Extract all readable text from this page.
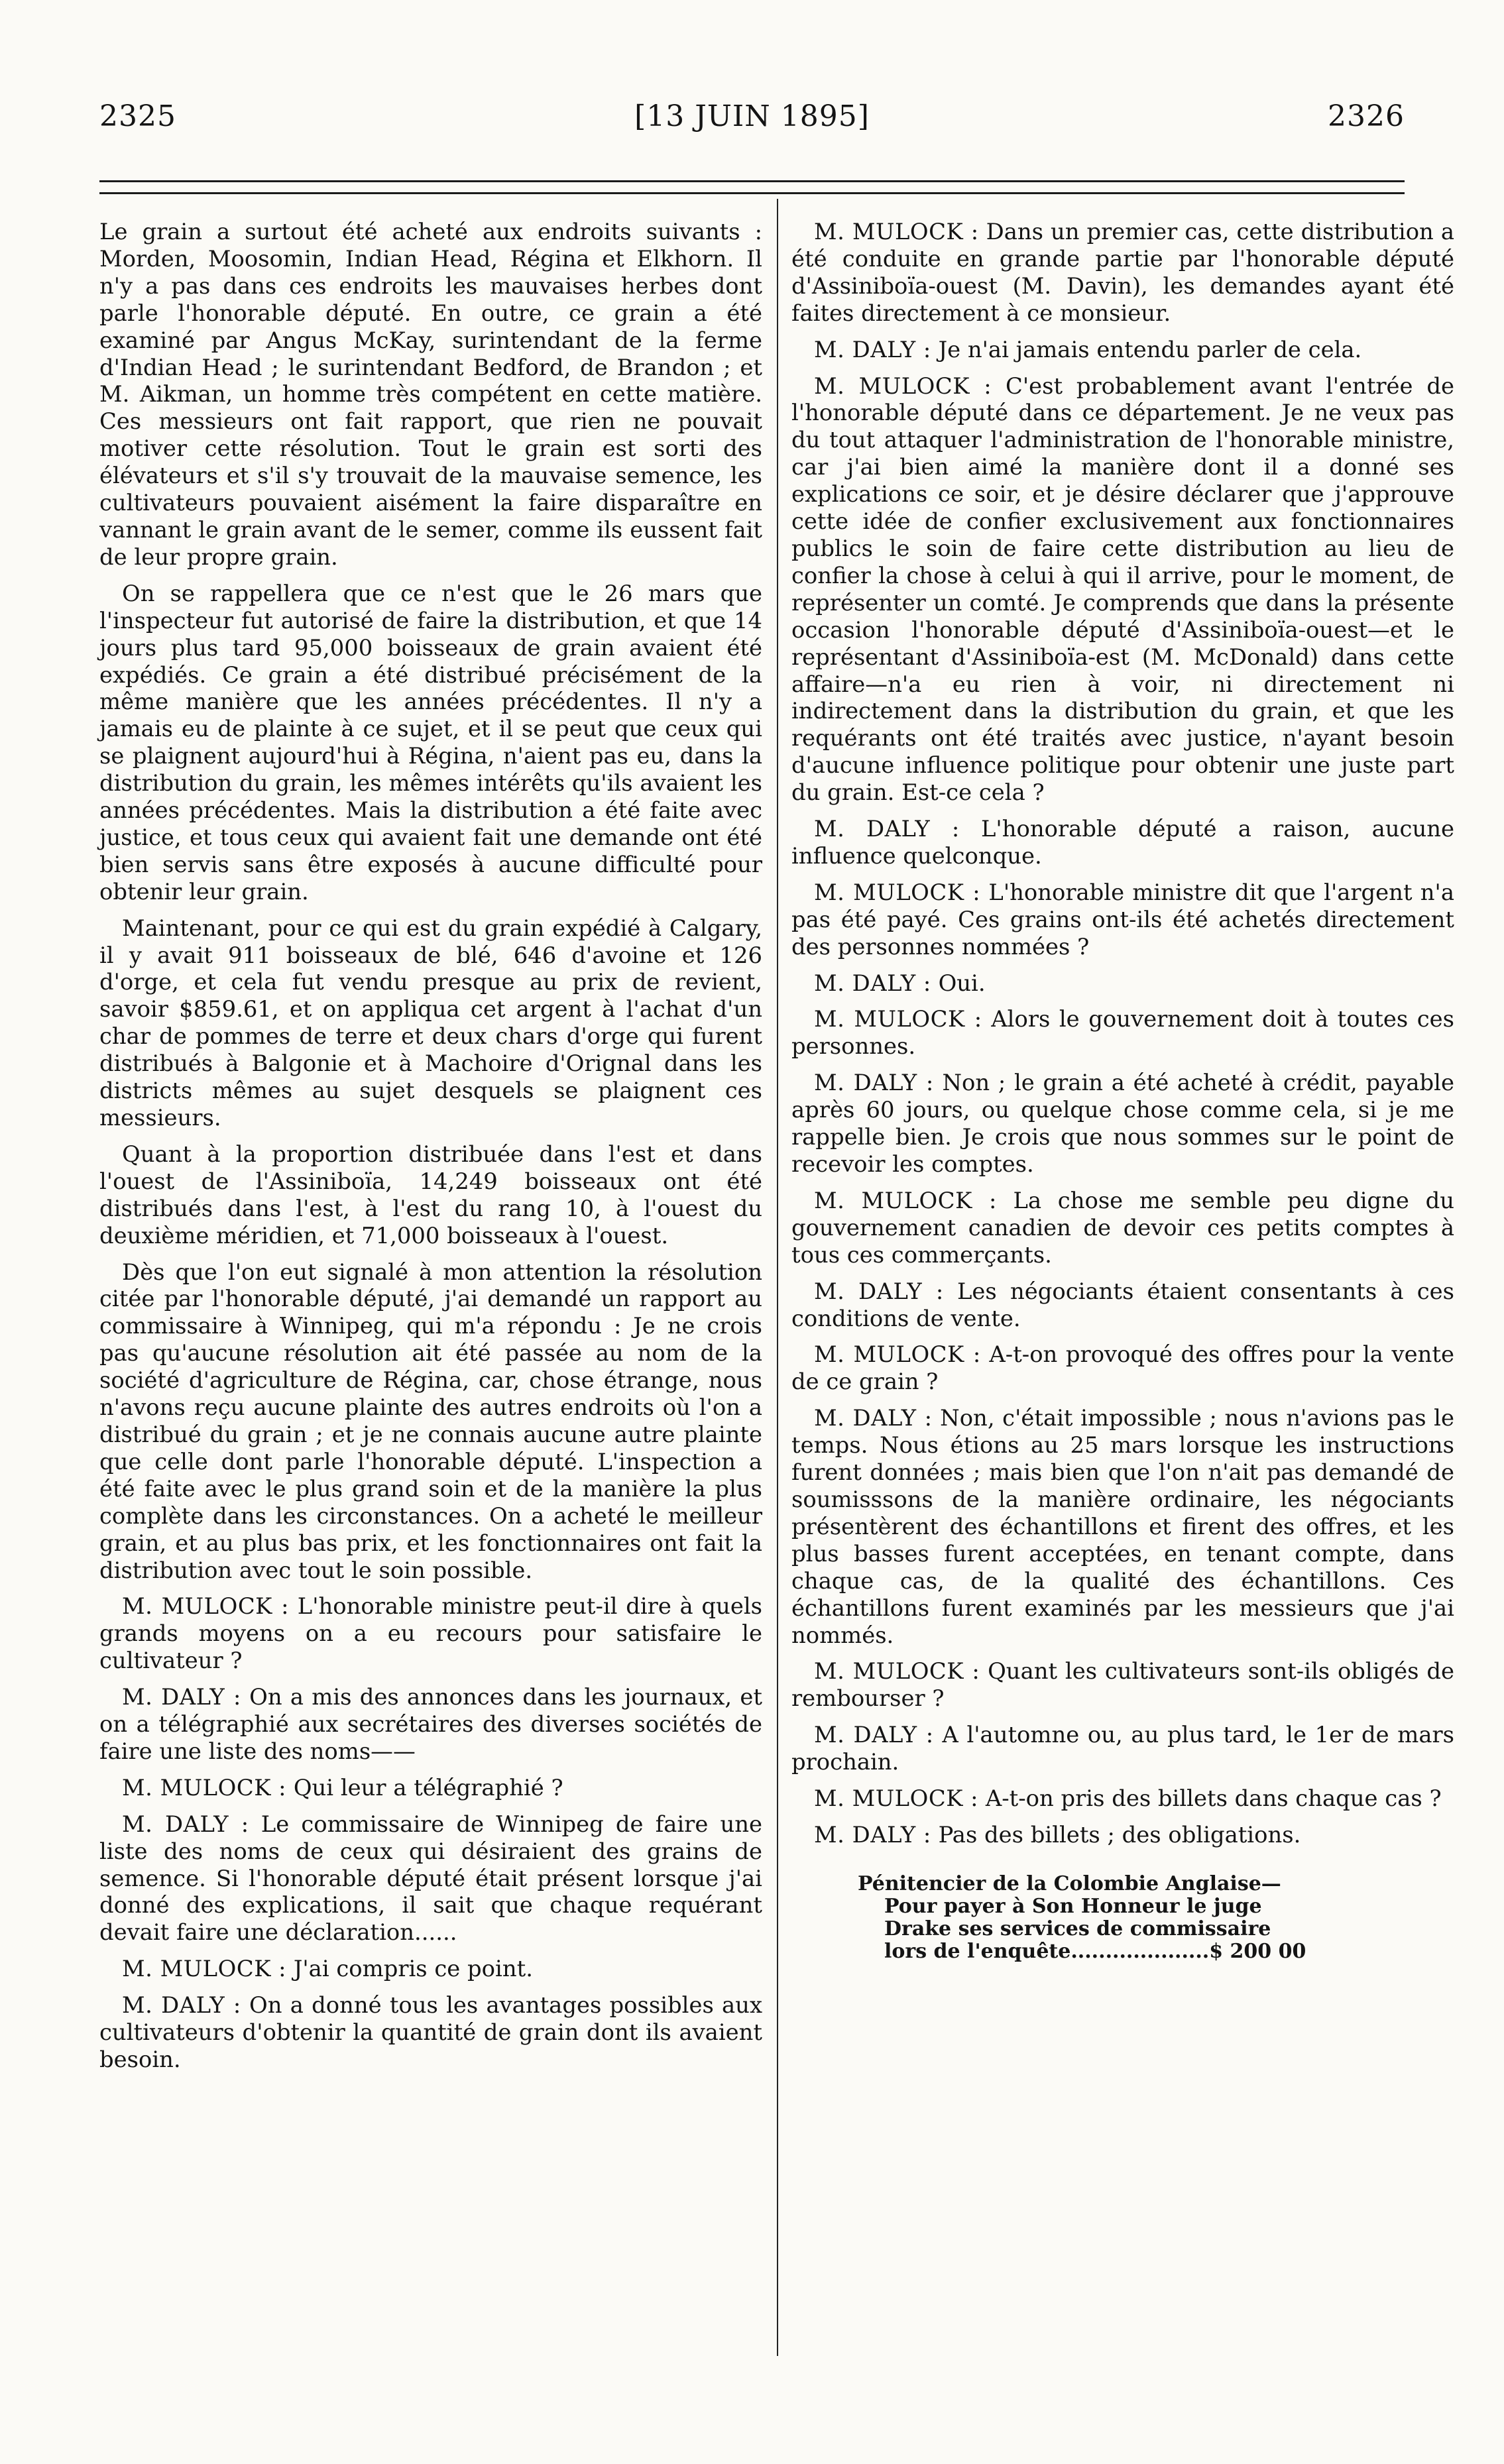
2325	[13 JUIN 1895]	2326

Le grain a surtout été acheté aux endroits suivants : Morden, Moosomin, Indian Head, Régina et Elkhorn. Il n'y a pas dans ces endroits les mauvaises herbes dont parle l'honorable député. En outre, ce grain a été examiné par Angus McKay, surintendant de la ferme d'Indian Head ; le surintendant Bedford, de Brandon ; et M. Aikman, un homme très compétent en cette matière. Ces messieurs ont fait rapport, que rien ne pouvait motiver cette résolution. Tout le grain est sorti des élévateurs et s'il s'y trouvait de la mauvaise semence, les cultivateurs pouvaient aisément la faire disparaître en vannant le grain avant de le semer, comme ils eussent fait de leur propre grain.

On se rappellera que ce n'est que le 26 mars que l'inspecteur fut autorisé de faire la distribution, et que 14 jours plus tard 95,000 boisseaux de grain avaient été expédiés. Ce grain a été distribué précisément de la même manière que les années précédentes. Il n'y a jamais eu de plainte à ce sujet, et il se peut que ceux qui se plaignent aujourd'hui à Régina, n'aient pas eu, dans la distribution du grain, les mêmes intérêts qu'ils avaient les années précédentes. Mais la distribution a été faite avec justice, et tous ceux qui avaient fait une demande ont été bien servis sans être exposés à aucune difficulté pour obtenir leur grain.

Maintenant, pour ce qui est du grain expédié à Calgary, il y avait 911 boisseaux de blé, 646 d'avoine et 126 d'orge, et cela fut vendu presque au prix de revient, savoir $859.61, et on appliqua cet argent à l'achat d'un char de pommes de terre et deux chars d'orge qui furent distribués à Balgonie et à Machoire d'Orignal dans les districts mêmes au sujet desquels se plaignent ces messieurs.

Quant à la proportion distribuée dans l'est et dans l'ouest de l'Assiniboïa, 14,249 boisseaux ont été distribués dans l'est, à l'est du rang 10, à l'ouest du deuxième méridien, et 71,000 boisseaux à l'ouest.

Dès que l'on eut signalé à mon attention la résolution citée par l'honorable député, j'ai demandé un rapport au commissaire à Winnipeg, qui m'a répondu : Je ne crois pas qu'aucune résolution ait été passée au nom de la société d'agriculture de Régina, car, chose étrange, nous n'avons reçu aucune plainte des autres endroits où l'on a distribué du grain ; et je ne connais aucune autre plainte que celle dont parle l'honorable député. L'inspection a été faite avec le plus grand soin et de la manière la plus complète dans les circonstances. On a acheté le meilleur grain, et au plus bas prix, et les fonctionnaires ont fait la distribution avec tout le soin possible.

M. MULOCK : L'honorable ministre peut-il dire à quels grands moyens on a eu recours pour satisfaire le cultivateur ?

M. DALY : On a mis des annonces dans les journaux, et on a télégraphié aux secrétaires des diverses sociétés de faire une liste des noms——

M. MULOCK : Qui leur a télégraphié ?

M. DALY : Le commissaire de Winnipeg de faire une liste des noms de ceux qui désiraient des grains de semence. Si l'honorable député était présent lorsque j'ai donné des explications, il sait que chaque requérant devait faire une déclaration......

M. MULOCK : J'ai compris ce point.

M. DALY : On a donné tous les avantages possibles aux cultivateurs d'obtenir la quantité de grain dont ils avaient besoin.

M. MULOCK : Dans un premier cas, cette distribution a été conduite en grande partie par l'honorable député d'Assiniboïa-ouest (M. Davin), les demandes ayant été faites directement à ce monsieur.

M. DALY : Je n'ai jamais entendu parler de cela.

M. MULOCK : C'est probablement avant l'entrée de l'honorable député dans ce département. Je ne veux pas du tout attaquer l'administration de l'honorable ministre, car j'ai bien aimé la manière dont il a donné ses explications ce soir, et je désire déclarer que j'approuve cette idée de confier exclusivement aux fonctionnaires publics le soin de faire cette distribution au lieu de confier la chose à celui à qui il arrive, pour le moment, de représenter un comté. Je comprends que dans la présente occasion l'honorable député d'Assiniboïa-ouest—et le représentant d'Assiniboïa-est (M. McDonald) dans cette affaire—n'a eu rien à voir, ni directement ni indirectement dans la distribution du grain, et que les requérants ont été traités avec justice, n'ayant besoin d'aucune influence politique pour obtenir une juste part du grain. Est-ce cela ?

M. DALY : L'honorable député a raison, aucune influence quelconque.

M. MULOCK : L'honorable ministre dit que l'argent n'a pas été payé. Ces grains ont-ils été achetés directement des personnes nommées ?

M. DALY : Oui.

M. MULOCK : Alors le gouvernement doit à toutes ces personnes.

M. DALY : Non ; le grain a été acheté à crédit, payable après 60 jours, ou quelque chose comme cela, si je me rappelle bien. Je crois que nous sommes sur le point de recevoir les comptes.

M. MULOCK : La chose me semble peu digne du gouvernement canadien de devoir ces petits comptes à tous ces commerçants.

M. DALY : Les négociants étaient consentants à ces conditions de vente.

M. MULOCK : A-t-on provoqué des offres pour la vente de ce grain ?

M. DALY : Non, c'était impossible ; nous n'avions pas le temps. Nous étions au 25 mars lorsque les instructions furent données ; mais bien que l'on n'ait pas demandé de soumisssons de la manière ordinaire, les négociants présentèrent des échantillons et firent des offres, et les plus basses furent acceptées, en tenant compte, dans chaque cas, de la qualité des échantillons. Ces échantillons furent examinés par les messieurs que j'ai nommés.

M. MULOCK : Quant les cultivateurs sont-ils obligés de rembourser ?

M. DALY : A l'automne ou, au plus tard, le 1er de mars prochain.

M. MULOCK : A-t-on pris des billets dans chaque cas ?

M. DALY : Pas des billets ; des obligations.

Pénitencier de la Colombie Anglaise—
Pour payer à Son Honneur le juge
Drake ses services de commissaire
lors de l'enquête....................$ 200 00
